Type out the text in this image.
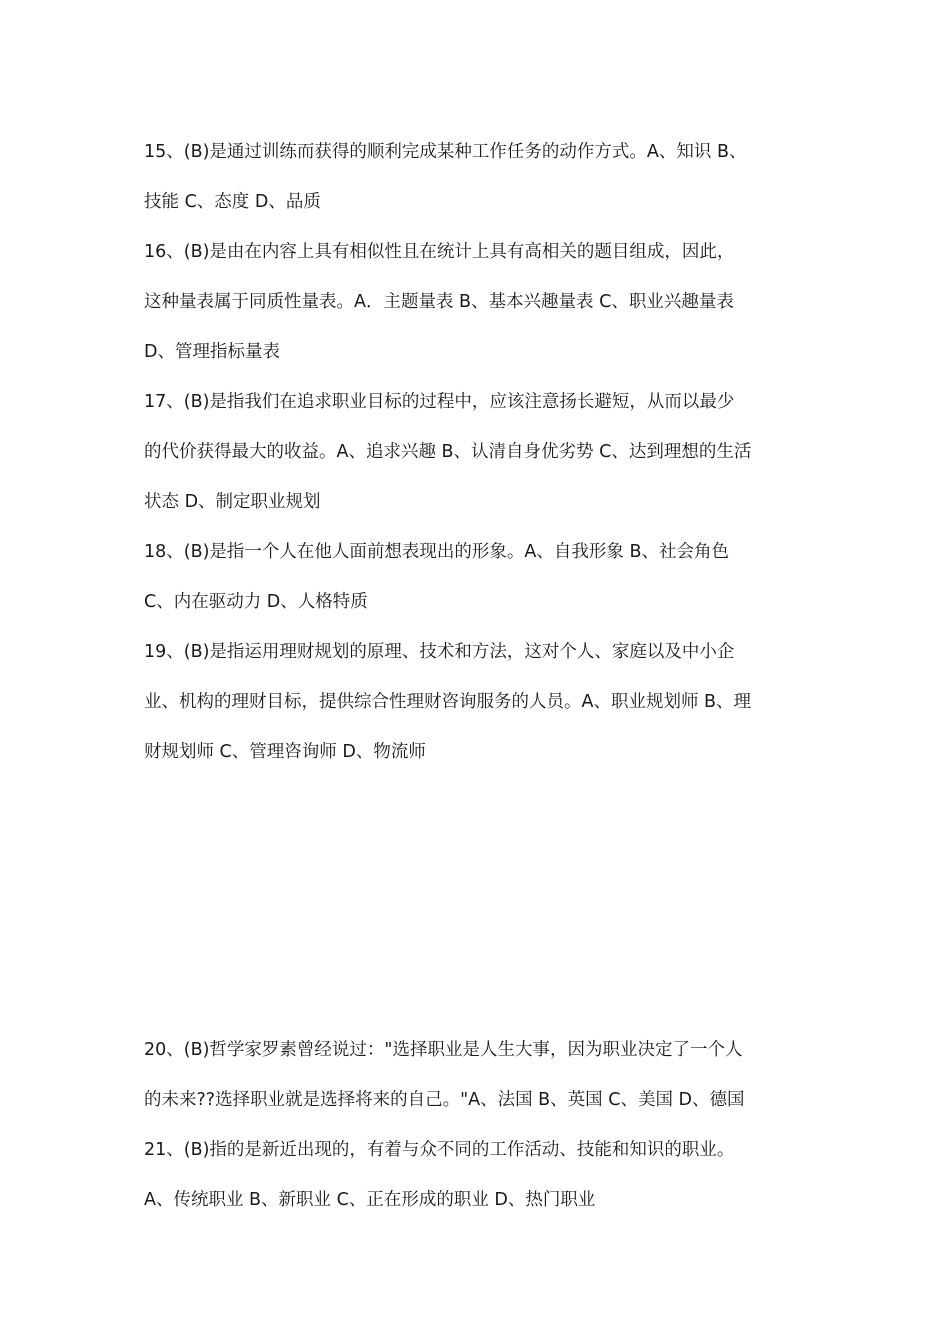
15、(B)是通过训练而获得的顺利完成某种工作任务的动作方式。A、知识 B、
技能 C、态度 D、品质
16、(B)是由在内容上具有相似性且在统计上具有高相关的题目组成，因此，
这种量表属于同质性量表。A．主题量表 B、基本兴趣量表 C、职业兴趣量表
D、管理指标量表
17、(B)是指我们在追求职业目标的过程中，应该注意扬长避短，从而以最少
的代价获得最大的收益。A、追求兴趣 B、认清自身优劣势 C、达到理想的生活
状态 D、制定职业规划
18、(B)是指一个人在他人面前想表现出的形象。A、自我形象 B、社会角色
C、内在驱动力 D、人格特质
19、(B)是指运用理财规划的原理、技术和方法，这对个人、家庭以及中小企
业、机构的理财目标，提供综合性理财咨询服务的人员。A、职业规划师 B、理
财规划师 C、管理咨询师 D、物流师
20、(B)哲学家罗素曾经说过："选择职业是人生大事，因为职业决定了一个人
的未来??选择职业就是选择将来的自己。"A、法国 B、英国 C、美国 D、德国
21、(B)指的是新近出现的，有着与众不同的工作活动、技能和知识的职业。
A、传统职业 B、新职业 C、正在形成的职业 D、热门职业
